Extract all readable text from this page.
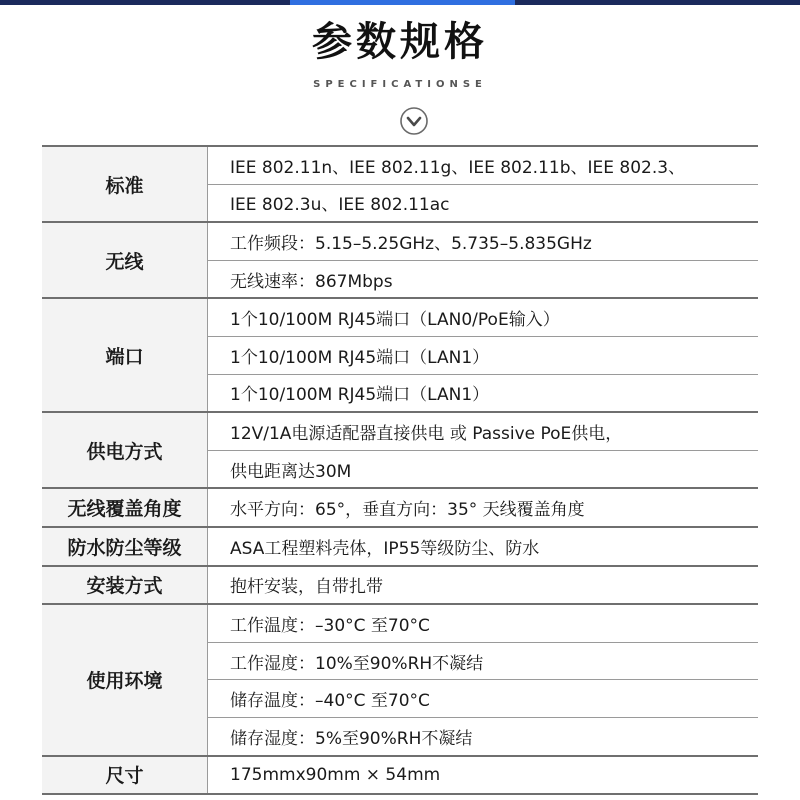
参数规格
SPECIFICATIONSE
标准	IEE 802.11n、IEE 802.11g、IEE 802.11b、IEE 802.3、
	IEE 802.3u、IEE 802.11ac
无线	工作频段：5.15–5.25GHz、5.735–5.835GHz
	无线速率：867Mbps
端口	1个10/100M RJ45端口（LAN0/PoE输入）
	1个10/100M RJ45端口（LAN1）
	1个10/100M RJ45端口（LAN1）
供电方式	12V/1A电源适配器直接供电 或 Passive PoE供电，
	供电距离达30M
无线覆盖角度	水平方向：65°，垂直方向：35° 天线覆盖角度
防水防尘等级	ASA工程塑料壳体，IP55等级防尘、防水
安装方式	抱杆安装，自带扎带
使用环境	工作温度：–30°C 至70°C
	工作湿度：10%至90%RH不凝结
	储存温度：–40°C 至70°C
	储存湿度：5%至90%RH不凝结
尺寸	175mmx90mm × 54mm
